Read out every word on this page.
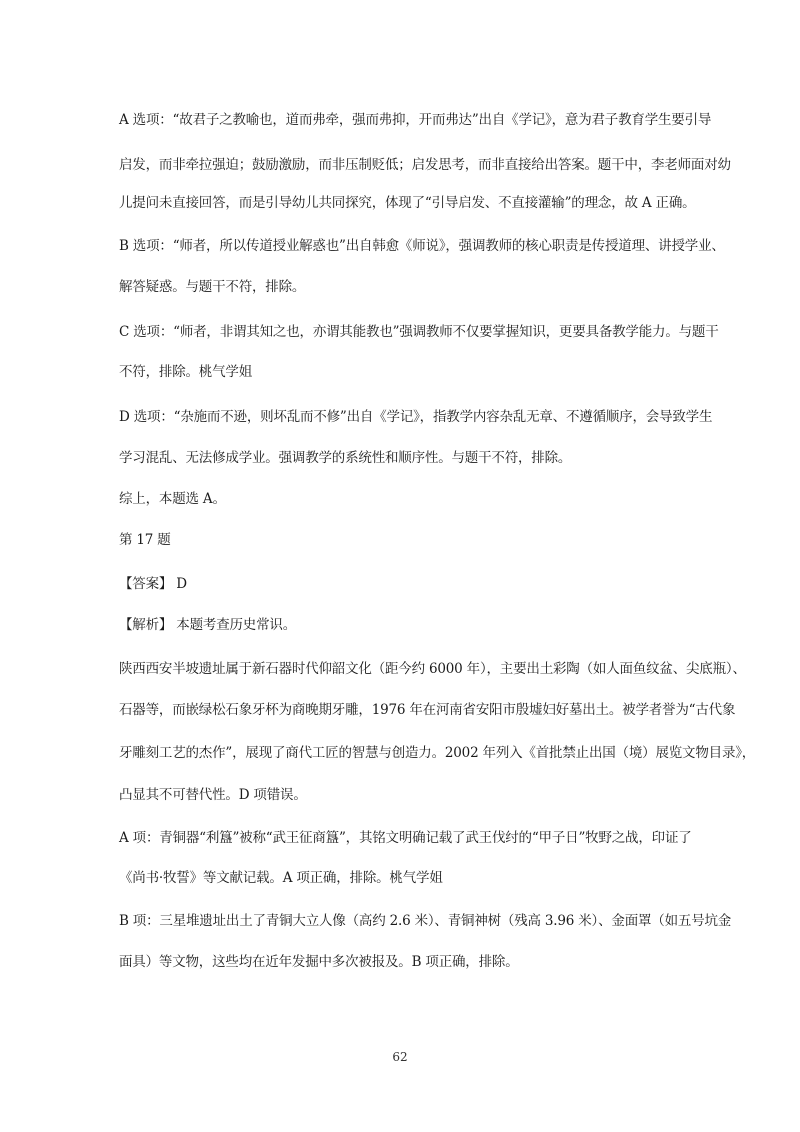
A 选项：“故君子之教喻也，道而弗牵，强而弗抑，开而弗达”出自《学记》，意为君子教育学生要引导
启发，而非牵拉强迫；鼓励激励，而非压制贬低；启发思考，而非直接给出答案。题干中，李老师面对幼
儿提问未直接回答，而是引导幼儿共同探究，体现了“引导启发、不直接灌输”的理念，故 A 正确。
B 选项：“师者，所以传道授业解惑也”出自韩愈《师说》，强调教师的核心职责是传授道理、讲授学业、
解答疑惑。与题干不符，排除。
C 选项：“师者，非谓其知之也，亦谓其能教也”强调教师不仅要掌握知识，更要具备教学能力。与题干
不符，排除。桃气学姐
D 选项：“杂施而不逊，则坏乱而不修”出自《学记》，指教学内容杂乱无章、不遵循顺序，会导致学生
学习混乱、无法修成学业。强调教学的系统性和顺序性。与题干不符，排除。
综上，本题选 A。
第 17 题
【答案】 D
【解析】 本题考查历史常识。
陕西西安半坡遗址属于新石器时代仰韶文化（距今约 6000 年），主要出土彩陶（如人面鱼纹盆、尖底瓶）、
石器等，而嵌绿松石象牙杯为商晚期牙雕，1976 年在河南省安阳市殷墟妇好墓出土。被学者誉为“古代象
牙雕刻工艺的杰作”，展现了商代工匠的智慧与创造力。2002 年列入《首批禁止出国（境）展览文物目录》，
凸显其不可替代性。D 项错误。
A 项：青铜器“利簋”被称“武王征商簋”，其铭文明确记载了武王伐纣的“甲子日”牧野之战，印证了
《尚书·牧誓》等文献记载。A 项正确，排除。桃气学姐
B 项：三星堆遗址出土了青铜大立人像（高约 2.6 米）、青铜神树（残高 3.96 米）、金面罩（如五号坑金
面具）等文物，这些均在近年发掘中多次被报及。B 项正确，排除。
62
